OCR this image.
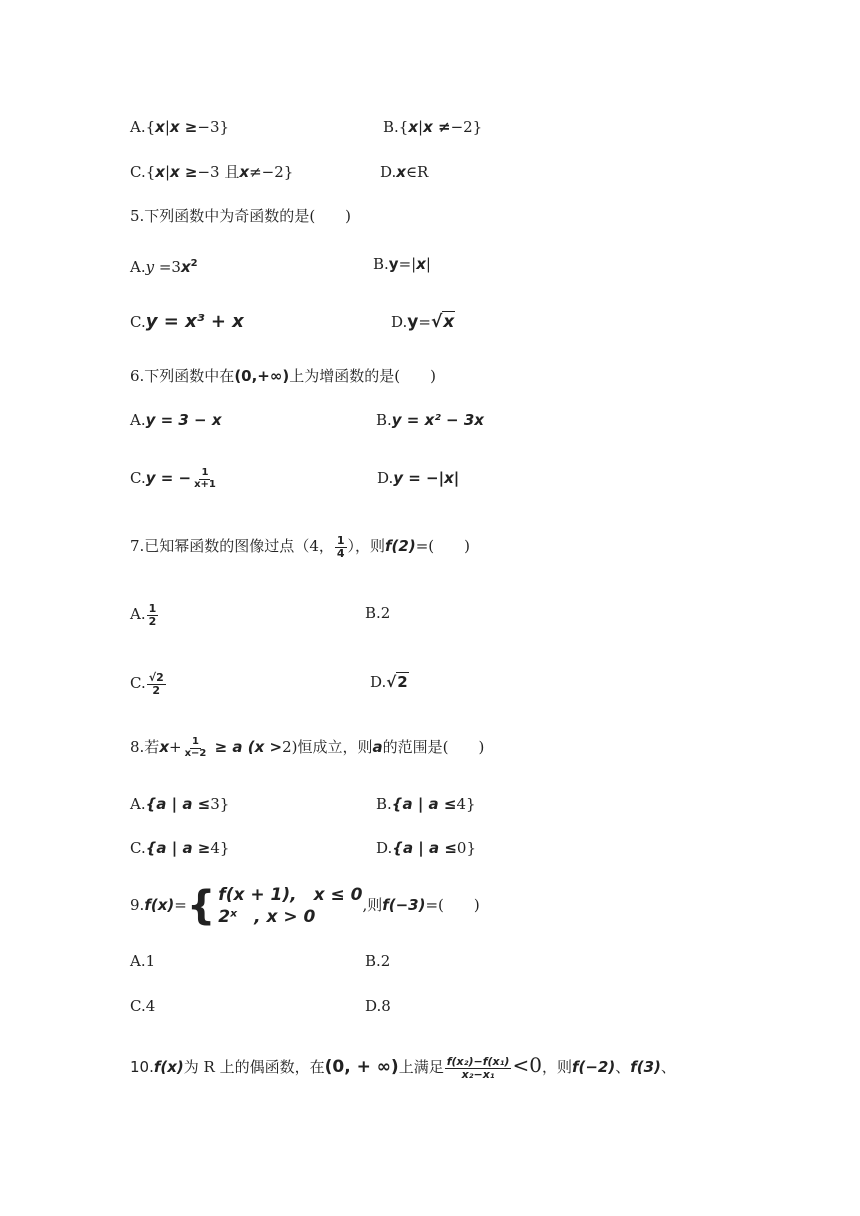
A.{x|x ≥−3}	B.{x|x ≠−2}
C.{x|x ≥−3 且x≠−2}	D.x∈R
5.下列函数中为奇函数的是(　　)
$A.y =3x^2$	B.y=|x|
C.y = x³ + x	D.y=√x
6.下列函数中在(0,+∞)上为增函数的是(　　)
A.y = 3 − x	B.y = x² − 3x
C.y = − $\frac{1}{x+1}$	D.y = −|x|
7.已知幂函数的图像过点（4， $\frac{1}{4}$ ），则f(2)=(　　)
A. $\frac{1}{2}$	B.2
C. $\frac{√2}{2}$	D.√2
8.若$x+ \frac{1}{x-2} \ge a$ (x >2)恒成立，则a的范围是(　　)
A.{a | a ≤3}	B.{a | a ≤4}
C.{a | a ≥4}	D.{a | a ≤0}
9.f(x)= { f(x + 1),　x ≤ 0
2ˣ　, x > 0
,则f(−3)=(　　)
A.1	B.2
C.4	D.8
10.f(x)为 R 上的偶函数，在(0, + ∞)上满足 $\frac{\text{f(x₂)−f(x₁)}}{\text{x₂−x₁}} <0$，则f(−2)、f(3)、
